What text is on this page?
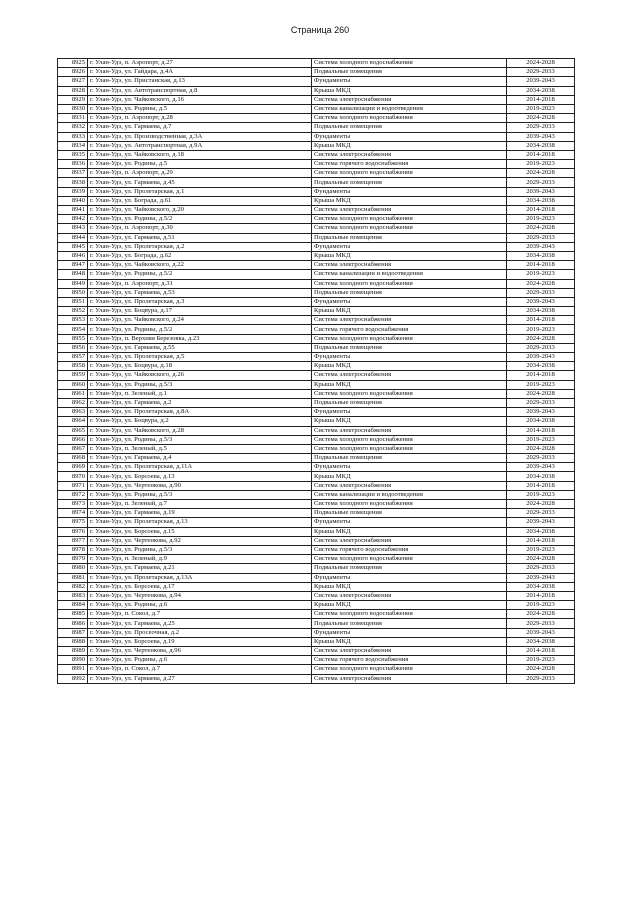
Страница 260
8925	г. Улан-Удэ, п. Аэропорт, д.27	Система холодного водоснабжения	2024-2028
8926	г. Улан-Удэ, ул. Гайдара, д.4А	Подвальные помещения	2029-2033
8927	г. Улан-Удэ, ул. Пристанская, д.13	Фундаменты	2039-2043
8928	г. Улан-Удэ, ул. Автотранспортная, д.8	Крыша МКД	2034-2038
8929	г. Улан-Удэ, ул. Чайковского, д.16	Система электроснабжения	2014-2018
8930	г. Улан-Удэ, ул. Родины, д.5	Система канализации и водоотведения	2019-2023
8931	г. Улан-Удэ, п. Аэропорт, д.28	Система холодного водоснабжения	2024-2028
8932	г. Улан-Удэ, ул. Гармаева, д.7	Подвальные помещения	2029-2033
8933	г. Улан-Удэ, ул. Производственная, д.3А	Фундаменты	2039-2043
8934	г. Улан-Удэ, ул. Автотранспортная, д.9А	Крыша МКД	2034-2038
8935	г. Улан-Удэ, ул. Чайковского, д.18	Система электроснабжения	2014-2018
8936	г. Улан-Удэ, ул. Родины, д.5	Система горячего водоснабжения	2019-2023
8937	г. Улан-Удэ, п. Аэропорт, д.29	Система холодного водоснабжения	2024-2028
8938	г. Улан-Удэ, ул. Гармаева, д.45	Подвальные помещения	2029-2033
8939	г. Улан-Удэ, ул. Пролетарская, д.1	Фундаменты	2039-2043
8940	г. Улан-Удэ, ул. Бограда, д.61	Крыша МКД	2034-2038
8941	г. Улан-Удэ, ул. Чайковского, д.20	Система электроснабжения	2014-2018
8942	г. Улан-Удэ, ул. Родины, д.5/2	Система холодного водоснабжения	2019-2023
8943	г. Улан-Удэ, п. Аэропорт, д.30	Система холодного водоснабжения	2024-2028
8944	г. Улан-Удэ, ул. Гармаева, д.51	Подвальные помещения	2029-2033
8945	г. Улан-Удэ, ул. Пролетарская, д.2	Фундаменты	2039-2043
8946	г. Улан-Удэ, ул. Бограда, д.62	Крыша МКД	2034-2038
8947	г. Улан-Удэ, ул. Чайковского, д.22	Система электроснабжения	2014-2018
8948	г. Улан-Удэ, ул. Родины, д.5/2	Система канализации и водоотведения	2019-2023
8949	г. Улан-Удэ, п. Аэропорт, д.31	Система холодного водоснабжения	2024-2028
8950	г. Улан-Удэ, ул. Гармаева, д.53	Подвальные помещения	2029-2033
8951	г. Улан-Удэ, ул. Пролетарская, д.3	Фундаменты	2039-2043
8952	г. Улан-Удэ, ул. Боцвура, д.17	Крыша МКД	2034-2038
8953	г. Улан-Удэ, ул. Чайковского, д.24	Система электроснабжения	2014-2018
8954	г. Улан-Удэ, ул. Родины, д.5/2	Система горячего водоснабжения	2019-2023
8955	г. Улан-Удэ, п. Верхняя Березовка, д.23	Система холодного водоснабжения	2024-2028
8956	г. Улан-Удэ, ул. Гармаева, д.55	Подвальные помещения	2029-2033
8957	г. Улан-Удэ, ул. Пролетарская, д.5	Фундаменты	2039-2043
8958	г. Улан-Удэ, ул. Боцвура, д.18	Крыша МКД	2034-2038
8959	г. Улан-Удэ, ул. Чайковского, д.26	Система электроснабжения	2014-2018
8960	г. Улан-Удэ, ул. Родины, д.5/3	Крыша МКД	2019-2023
8961	г. Улан-Удэ, п. Зеленый, д.1	Система холодного водоснабжения	2024-2028
8962	г. Улан-Удэ, ул. Гармаева, д.2	Подвальные помещения	2029-2033
8963	г. Улан-Удэ, ул. Пролетарская, д.8А	Фундаменты	2039-2043
8964	г. Улан-Удэ, ул. Боцвура, д.2	Крыша МКД	2034-2038
8965	г. Улан-Удэ, ул. Чайковского, д.28	Система электроснабжения	2014-2018
8966	г. Улан-Удэ, ул. Родины, д.5/3	Система холодного водоснабжения	2019-2023
8967	г. Улан-Удэ, п. Зеленый, д.5	Система холодного водоснабжения	2024-2028
8968	г. Улан-Удэ, ул. Гармаева, д.4	Подвальные помещения	2029-2033
8969	г. Улан-Удэ, ул. Пролетарская, д.11А	Фундаменты	2039-2043
8970	г. Улан-Удэ, ул. Борсоева, д.13	Крыша МКД	2034-2038
8971	г. Улан-Удэ, ул. Чертенкова, д.90	Система электроснабжения	2014-2018
8972	г. Улан-Удэ, ул. Родины, д.5/3	Система канализации и водоотведения	2019-2023
8973	г. Улан-Удэ, п. Зеленый, д.7	Система холодного водоснабжения	2024-2028
8974	г. Улан-Удэ, ул. Гармаева, д.19	Подвальные помещения	2029-2033
8975	г. Улан-Удэ, ул. Пролетарская, д.13	Фундаменты	2039-2043
8976	г. Улан-Удэ, ул. Борсоева, д.15	Крыша МКД	2034-2038
8977	г. Улан-Удэ, ул. Чертенкова, д.92	Система электроснабжения	2014-2018
8978	г. Улан-Удэ, ул. Родины, д.5/3	Система горячего водоснабжения	2019-2023
8979	г. Улан-Удэ, п. Зеленый, д.9	Система холодного водоснабжения	2024-2028
8980	г. Улан-Удэ, ул. Гармаева, д.21	Подвальные помещения	2029-2033
8981	г. Улан-Удэ, ул. Пролетарская, д.13А	Фундаменты	2039-2043
8982	г. Улан-Удэ, ул. Борсоева, д.17	Крыша МКД	2034-2038
8983	г. Улан-Удэ, ул. Чертенкова, д.94	Система электроснабжения	2014-2018
8984	г. Улан-Удэ, ул. Родины, д.6	Крыша МКД	2019-2023
8985	г. Улан-Удэ, п. Сокол, д.7	Система холодного водоснабжения	2024-2028
8986	г. Улан-Удэ, ул. Гармаева, д.25	Подвальные помещения	2029-2033
8987	г. Улан-Удэ, ул. Просеочная, д.2	Фундаменты	2039-2043
8988	г. Улан-Удэ, ул. Борсоева, д.19	Крыша МКД	2034-2038
8989	г. Улан-Удэ, ул. Чертенкова, д.96	Система электроснабжения	2014-2018
8990	г. Улан-Удэ, ул. Родины, д.6	Система горячего водоснабжения	2019-2023
8991	г. Улан-Удэ, п. Сокол, д.7	Система холодного водоснабжения	2024-2028
8992	г. Улан-Удэ, ул. Гармаева, д.27	Система электроснабжения	2029-2033
